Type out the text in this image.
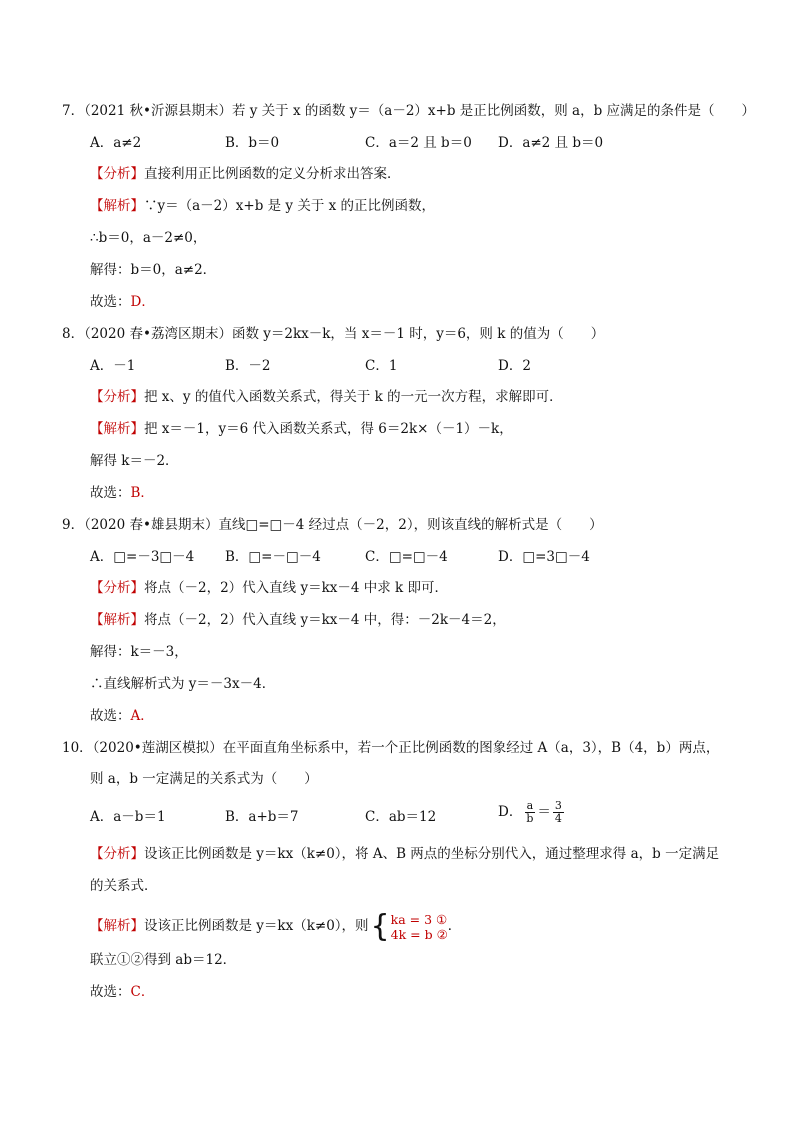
7．（2021 秋•沂源县期末）若 y 关于 x 的函数 y＝（a－2）x+b 是正比例函数，则 a，b 应满足的条件是（　　）
A．a≠2	B．b＝0	C．a＝2 且 b＝0 D．a≠2 且 b＝0
【分析】直接利用正比例函数的定义分析求出答案．
【解析】∵y＝（a－2）x+b 是 y 关于 x 的正比例函数，
∴b＝0，a－2≠0，
解得：b＝0，a≠2．
故选：D．
8．（2020 春•荔湾区期末）函数 y＝2kx－k，当 x＝－1 时，y＝6，则 k 的值为（　　）
A．－1	B．－2	C．1	D．2
【分析】把 x、y 的值代入函数关系式，得关于 k 的一元一次方程，求解即可．
【解析】把 x＝－1，y＝6 代入函数关系式，得 6＝2k×（－1）－k，
解得 k＝－2．
故选：B．
9．（2020 春•雄县期末）直线□=□－4 经过点（－2，2），则该直线的解析式是（　　）
A．□=－3□－4 B．□=－□－4	C．□=□－4	D．□=3□－4
【分析】将点（－2，2）代入直线 y＝kx－4 中求 k 即可．
【解析】将点（－2，2）代入直线 y＝kx－4 中，得：－2k－4＝2，
解得：k＝－3，
∴直线解析式为 y＝－3x－4．
故选：A．
10．（2020•莲湖区模拟）在平面直角坐标系中，若一个正比例函数的图象经过 A（a，3），B（4，b）两点，
则 a，b 一定满足的关系式为（　　）
A．a－b＝1	B．a+b＝7	C．ab＝12	D． $\frac{a}{b} = \frac{3}{4}$
【分析】设该正比例函数是 y＝kx（k≠0），将 A、B 两点的坐标分别代入，通过整理求得 a，b 一定满足
的关系式．
【解析】设该正比例函数是 y＝kx（k≠0），则 { ka = 3 ①
4k = b ② ．
联立①②得到 ab＝12．
故选：C．
